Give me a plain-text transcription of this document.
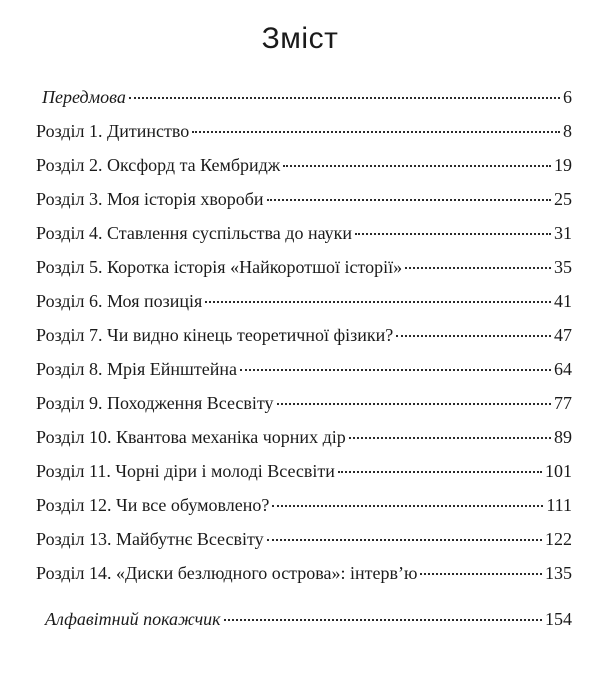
Зміст
Передмова	6
Розділ 1. Дитинство	8
Розділ 2. Оксфорд та Кембридж	19
Розділ 3. Моя історія хвороби	25
Розділ 4. Ставлення суспільства до науки	31
Розділ 5. Коротка історія «Найкоротшої історії»	35
Розділ 6. Моя позиція	41
Розділ 7. Чи видно кінець теоретичної фізики?	47
Розділ 8. Мрія Ейнштейна	64
Розділ 9. Походження Всесвіту	77
Розділ 10. Квантова механіка чорних дір	89
Розділ 11. Чорні діри і молоді Всесвіти	101
Розділ 12. Чи все обумовлено?	111
Розділ 13. Майбутнє Всесвіту	122
Розділ 14. «Диски безлюдного острова»: інтерв’ю	135
Алфавітний покажчик	154
